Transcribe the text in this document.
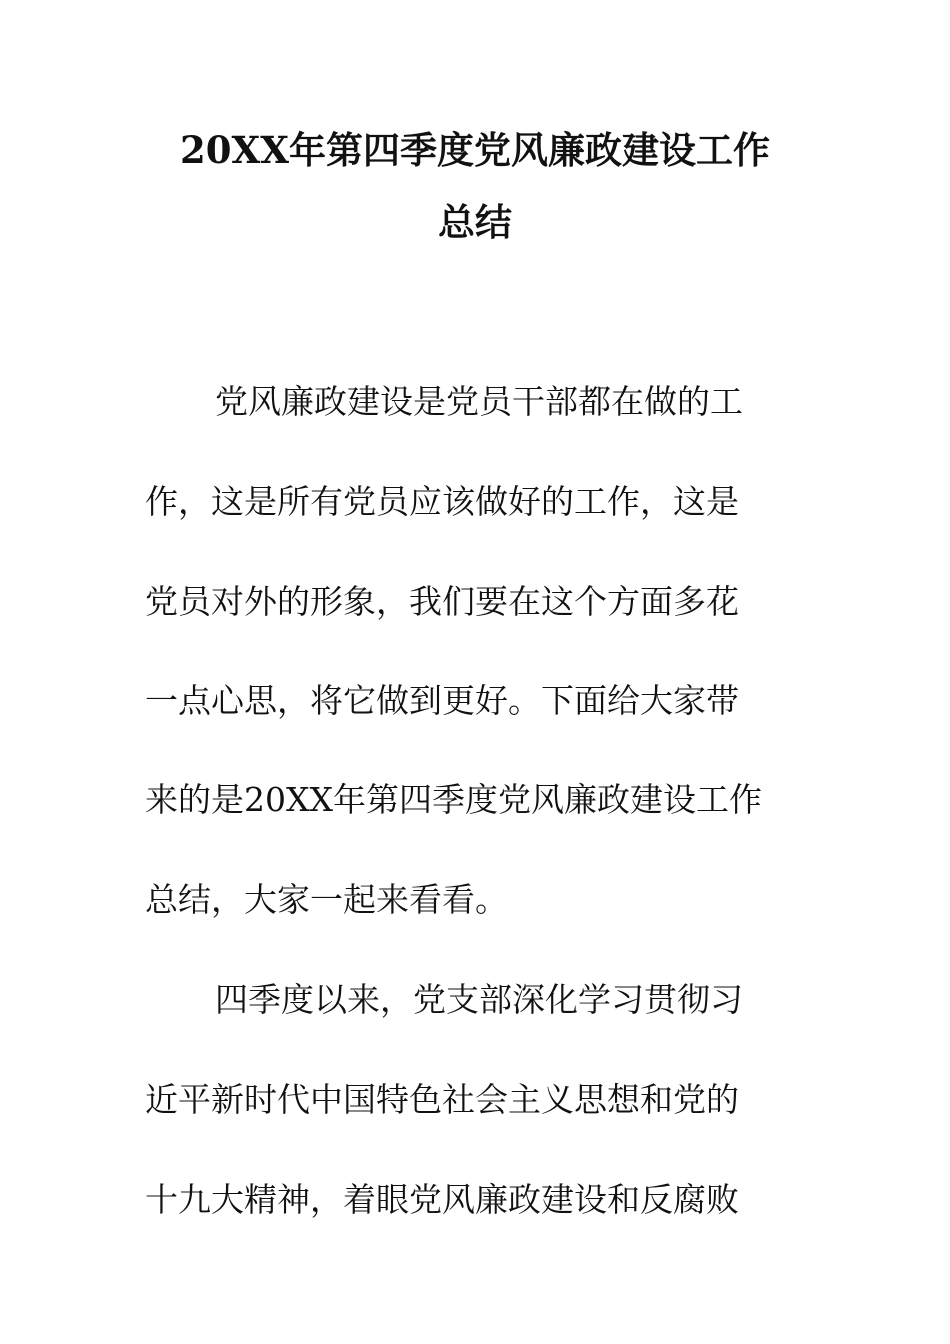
20XX年第四季度党风廉政建设工作
总结

党风廉政建设是党员干部都在做的工

作，这是所有党员应该做好的工作，这是

党员对外的形象，我们要在这个方面多花

一点心思，将它做到更好。下面给大家带

来的是20XX年第四季度党风廉政建设工作

总结，大家一起来看看。

四季度以来，党支部深化学习贯彻习

近平新时代中国特色社会主义思想和党的

十九大精神，着眼党风廉政建设和反腐败
